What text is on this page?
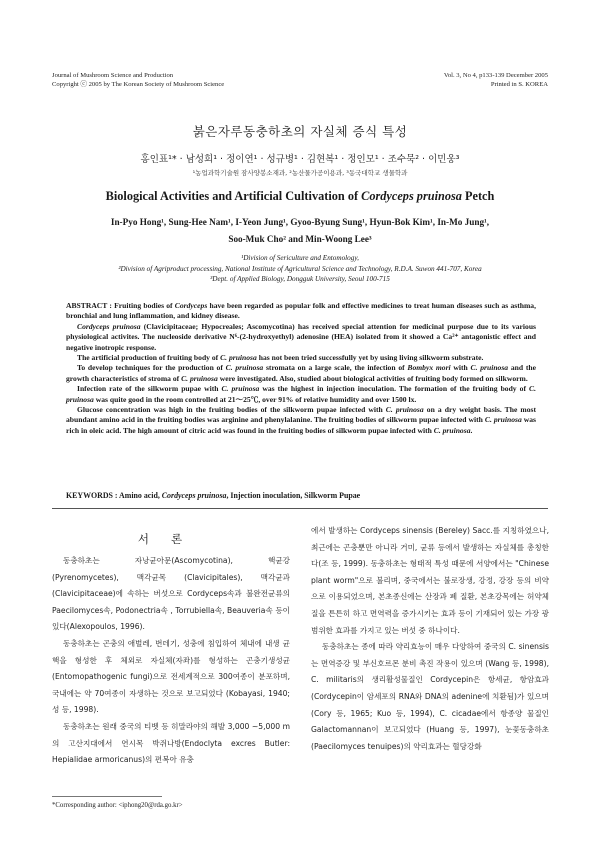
Journal of Mushroom Science and Production
Copyright ⓒ 2005 by The Korean Society of Mushroom Science
Vol. 3, No 4, p133-139 December 2005
Printed in S. KOREA
붉은자루동충하초의 자실체 증식 특성
홍인표¹* · 남성희¹ · 정이연¹ · 성규병¹ · 김현복¹ · 정인모¹ · 조수묵² · 이민웅³
¹농업과학기술원 잠사양봉소재과, ²농산물가공이용과, ³동국대학교 생물학과
Biological Activities and Artificial Cultivation of Cordyceps pruinosa Petch
In-Pyo Hong¹, Sung-Hee Nam¹, I-Yeon Jung¹, Gyoo-Byung Sung¹, Hyun-Bok Kim¹, In-Mo Jung¹,
Soo-Muk Cho² and Min-Woong Lee³
¹Division of Sericulture and Entomology,
²Division of Agriproduct processing, National Institute of Agricultural Science and Technology, R.D.A. Suwon 441-707, Korea
³Dept. of Applied Biology, Dongguk University, Seoul 100-715

ABSTRACT : Fruiting bodies of Cordyceps have been regarded as popular folk and effective medicines to treat human diseases such as asthma, bronchial and lung inflammation, and kidney disease.

Cordyceps pruinosa (Clavicipitaceae; Hypocreales; Ascomycotina) has received special attention for medicinal purpose due to its various physiological activites. The nucleoside derivative N⁶-(2-hydroxyethyl) adenosine (HEA) isolated from it showed a Ca²⁺ antagonistic effect and negative inotropic response.

The artificial production of fruiting body of C. pruinosa has not been tried successfully yet by using living silkworm substrate.

To develop techniques for the production of C. pruinosa stromata on a large scale, the infection of Bombyx mori with C. pruinosa and the growth characteristics of stroma of C. pruinosa were investigated. Also, studied about biological activities of fruiting body formed on silkworm.

Infection rate of the silkworm pupae with C. pruinosa was the highest in injection inoculation. The formation of the fruiting body of C. pruinosa was quite good in the room controlled at 21～25℃, over 91% of relative humidity and over 1500 lx.

Glucose concentration was high in the fruiting bodies of the silkworm pupae infected with C. pruinosa on a dry weight basis. The most abundant amino acid in the fruiting bodies was arginine and phenylalanine. The fruiting bodies of silkworm pupae infected with C. pruinosa was rich in oleic acid. The high amount of citric acid was found in the fruiting bodies of silkworm pupae infected with C. pruinosa.

KEYWORDS : Amino acid, Cordyceps pruinosa, Injection inoculation, Silkworm Pupae
서론

동충하초는 자낭균아문(Ascomycotina), 핵균강(Pyrenomycetes), 맥각균목 (Clavicipitales), 맥각균과(Clavicipitaceae)에 속하는 버섯으로 Cordyceps속과 불완전균류의 Paecilomyces속, Podonectria속 , Torrubiella속, Beauveria속 등이 있다(Alexopoulos, 1996).

동충하초는 곤충의 애벌레, 번데기, 성충에 침입하여 체내에 내생 균핵을 형성한 후 체외로 자실체(자좌)를 형성하는 곤충기생성균(Entomopathogenic fungi)으로 전세계적으로 300여종이 분포하며, 국내에는 약 70여종이 자생하는 것으로 보고되었다 (Kobayasi, 1940; 성 등, 1998).

동충하초는 원래 중국의 티벳 등 히말라야의 해발 3,000 ~5,000 m의 고산지대에서 연시목 박쥐나방(Endoclyta excres Butler: Hepialidae armoricanus)의 편복아 유충

에서 발생하는 Cordyceps sinensis (Bereley) Sacc.를 지칭하였으나, 최근에는 곤충뿐만 아니라 거미, 균류 등에서 발생하는 자실체를 총칭한다(조 등, 1999). 동충하초는 형태적 특성 때문에 서양에서는 "Chinese plant worm"으로 불리며, 중국에서는 불로장생, 강정, 강장 등의 비약으로 이용되었으며, 본초종신에는 산장과 폐 질환, 본초강목에는 허약체질을 튼튼히 하고 면역력을 증가시키는 효과 등이 기재되어 있는 가장 광범위한 효과를 가지고 있는 버섯 중 하나이다.

동충하초는 종에 따라 약리효능이 매우 다양하여 중국의 C. sinensis는 면역증강 및 부신호르몬 분비 촉진 작용이 있으며 (Wang 등, 1998), C. militaris의 생리활성물질인 Cordycepin은 항세균, 항암효과(Cordycepin이 암세포의 RNA와 DNA의 adenine에 치환됨)가 있으며(Cory 등, 1965; Kuo 등, 1994), C. cicadae에서 항종양 물질인 Galactomannan이 보고되었다 (Huang 등, 1997), 눈꽃동충하초(Paecilomyces tenuipes)의 약리효과는 혈당강화

*Corresponding author: <iphong20@rda.go.kr>
